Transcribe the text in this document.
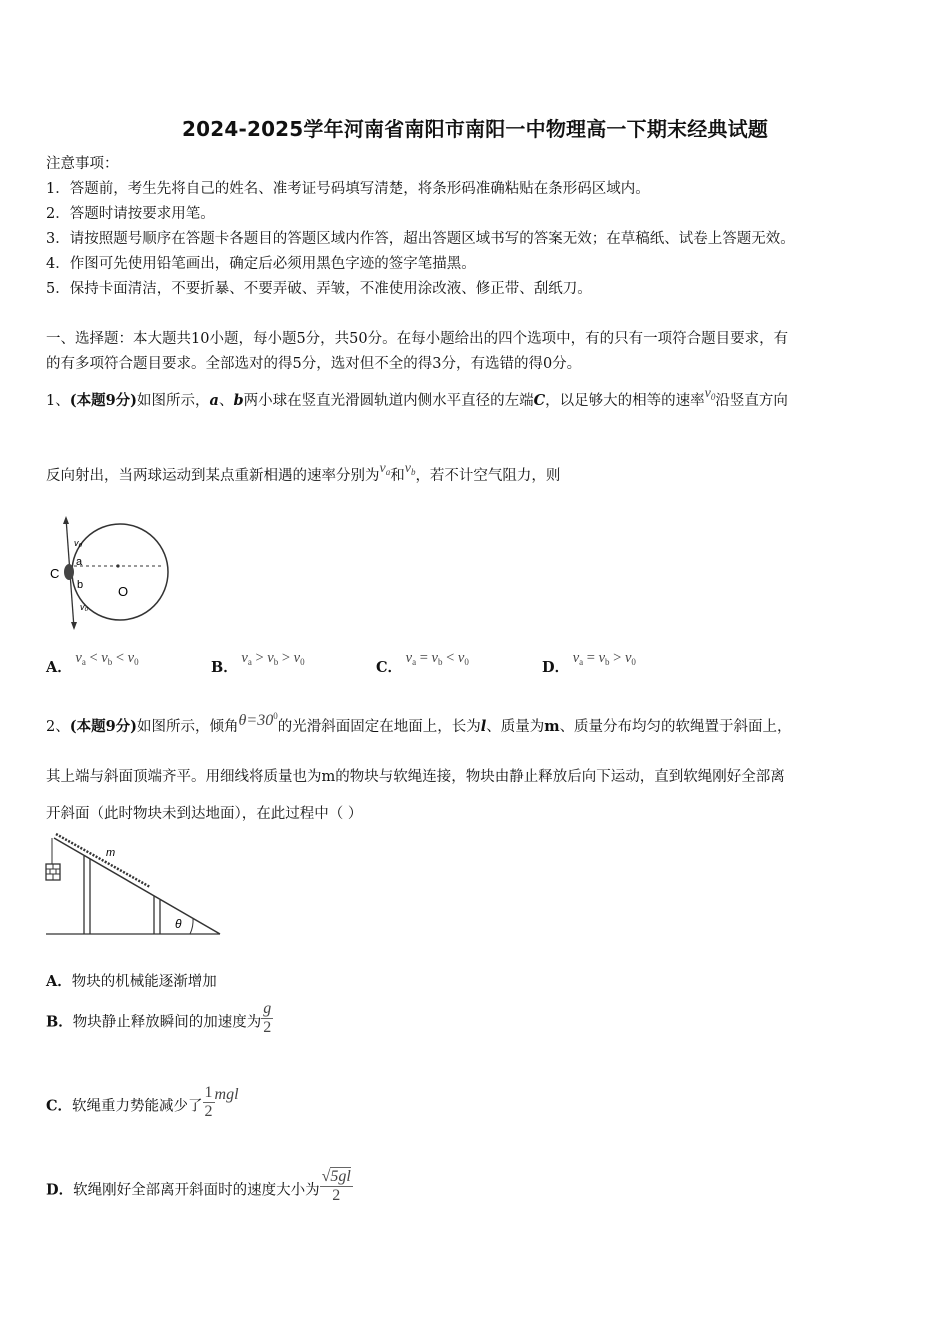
2024-2025学年河南省南阳市南阳一中物理高一下期末经典试题
注意事项：
1．答题前，考生先将自己的姓名、准考证号码填写清楚，将条形码准确粘贴在条形码区域内。
2．答题时请按要求用笔。
3．请按照题号顺序在答题卡各题目的答题区域内作答，超出答题区域书写的答案无效；在草稿纸、试卷上答题无效。
4．作图可先使用铅笔画出，确定后必须用黑色字迹的签字笔描黑。
5．保持卡面清洁，不要折暴、不要弄破、弄皱，不准使用涂改液、修正带、刮纸刀。
一、选择题：本大题共10小题，每小题5分，共50分。在每小题给出的四个选项中，有的只有一项符合题目要求，有
的有多项符合题目要求。全部选对的得5分，选对但不全的得3分，有选错的得0分。
1、(本题9分)如图所示，a、b两小球在竖直光滑圆轨道内侧水平直径的左端C，以足够大的相等的速率$v_0$沿竖直方向
反向射出，当两球运动到某点重新相遇的速率分别为$v_a$和$v_b$，若不计空气阻力，则
v₀
a
C
b	O
v₀
A． $v_a < v_b < v_0$	B． $v_a > v_b > v_0$	C． $v_a = v_b < v_0$	D． $v_a = v_b > v_0$
2、(本题9分)如图所示，倾角$\theta=30^0$的光滑斜面固定在地面上，长为l、质量为m、质量分布均匀的软绳置于斜面上，
其上端与斜面顶端齐平。用细线将质量也为m的物块与软绳连接，物块由静止释放后向下运动，直到软绳刚好全部离
开斜面（此时物块未到达地面），在此过程中（ ）
m
θ
A．物块的机械能逐渐增加
B．物块静止释放瞬间的加速度为 $\frac{g}{2}$
C．软绳重力势能减少了 $\frac{1}{2}$ mgl
D．软绳刚好全部离开斜面时的速度大小为 $\frac{√5gl}{2}$
